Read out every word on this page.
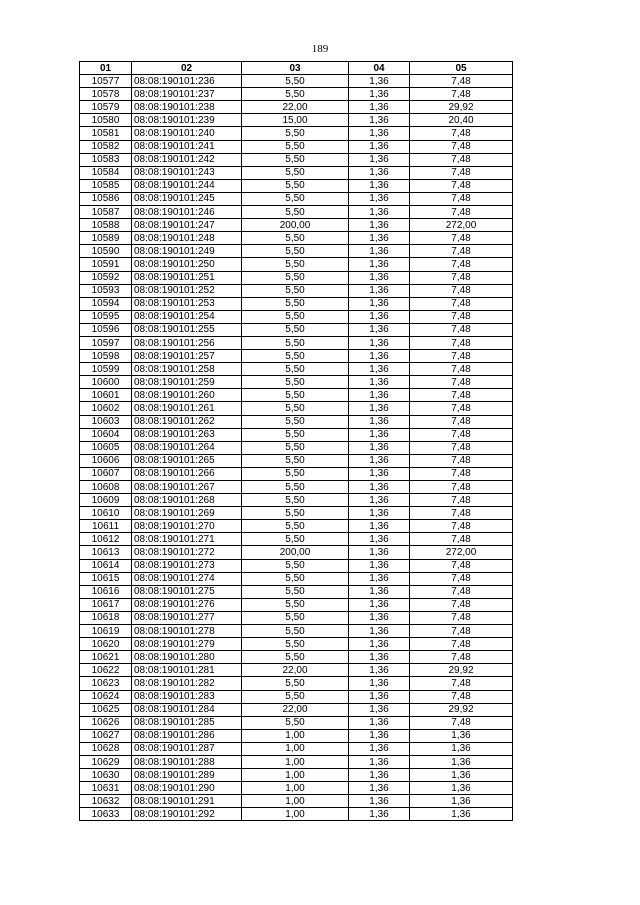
189
01	02	03	04	05
10577	08:08:190101:236	5,50	1,36	7,48
10578	08:08:190101:237	5,50	1,36	7,48
10579	08:08:190101:238	22,00	1,36	29,92
10580	08:08:190101:239	15,00	1,36	20,40
10581	08:08:190101:240	5,50	1,36	7,48
10582	08:08:190101:241	5,50	1,36	7,48
10583	08:08:190101:242	5,50	1,36	7,48
10584	08:08:190101:243	5,50	1,36	7,48
10585	08:08:190101:244	5,50	1,36	7,48
10586	08:08:190101:245	5,50	1,36	7,48
10587	08:08:190101:246	5,50	1,36	7,48
10588	08:08:190101:247	200,00	1,36	272,00
10589	08:08:190101:248	5,50	1,36	7,48
10590	08:08:190101:249	5,50	1,36	7,48
10591	08:08:190101:250	5,50	1,36	7,48
10592	08:08:190101:251	5,50	1,36	7,48
10593	08:08:190101:252	5,50	1,36	7,48
10594	08:08:190101:253	5,50	1,36	7,48
10595	08:08:190101:254	5,50	1,36	7,48
10596	08:08:190101:255	5,50	1,36	7,48
10597	08:08:190101:256	5,50	1,36	7,48
10598	08:08:190101:257	5,50	1,36	7,48
10599	08:08:190101:258	5,50	1,36	7,48
10600	08:08:190101:259	5,50	1,36	7,48
10601	08:08:190101:260	5,50	1,36	7,48
10602	08:08:190101:261	5,50	1,36	7,48
10603	08:08:190101:262	5,50	1,36	7,48
10604	08:08:190101:263	5,50	1,36	7,48
10605	08:08:190101:264	5,50	1,36	7,48
10606	08:08:190101:265	5,50	1,36	7,48
10607	08:08:190101:266	5,50	1,36	7,48
10608	08:08:190101:267	5,50	1,36	7,48
10609	08:08:190101:268	5,50	1,36	7,48
10610	08:08:190101:269	5,50	1,36	7,48
10611	08:08:190101:270	5,50	1,36	7,48
10612	08:08:190101:271	5,50	1,36	7,48
10613	08:08:190101:272	200,00	1,36	272,00
10614	08:08:190101:273	5,50	1,36	7,48
10615	08:08:190101:274	5,50	1,36	7,48
10616	08:08:190101:275	5,50	1,36	7,48
10617	08:08:190101:276	5,50	1,36	7,48
10618	08:08:190101:277	5,50	1,36	7,48
10619	08:08:190101:278	5,50	1,36	7,48
10620	08:08:190101:279	5,50	1,36	7,48
10621	08:08:190101:280	5,50	1,36	7,48
10622	08:08:190101:281	22,00	1,36	29,92
10623	08:08:190101:282	5,50	1,36	7,48
10624	08:08:190101:283	5,50	1,36	7,48
10625	08:08:190101:284	22,00	1,36	29,92
10626	08:08:190101:285	5,50	1,36	7,48
10627	08:08:190101:286	1,00	1,36	1,36
10628	08:08:190101:287	1,00	1,36	1,36
10629	08:08:190101:288	1,00	1,36	1,36
10630	08:08:190101:289	1,00	1,36	1,36
10631	08:08:190101:290	1,00	1,36	1,36
10632	08:08:190101:291	1,00	1,36	1,36
10633	08:08:190101:292	1,00	1,36	1,36
